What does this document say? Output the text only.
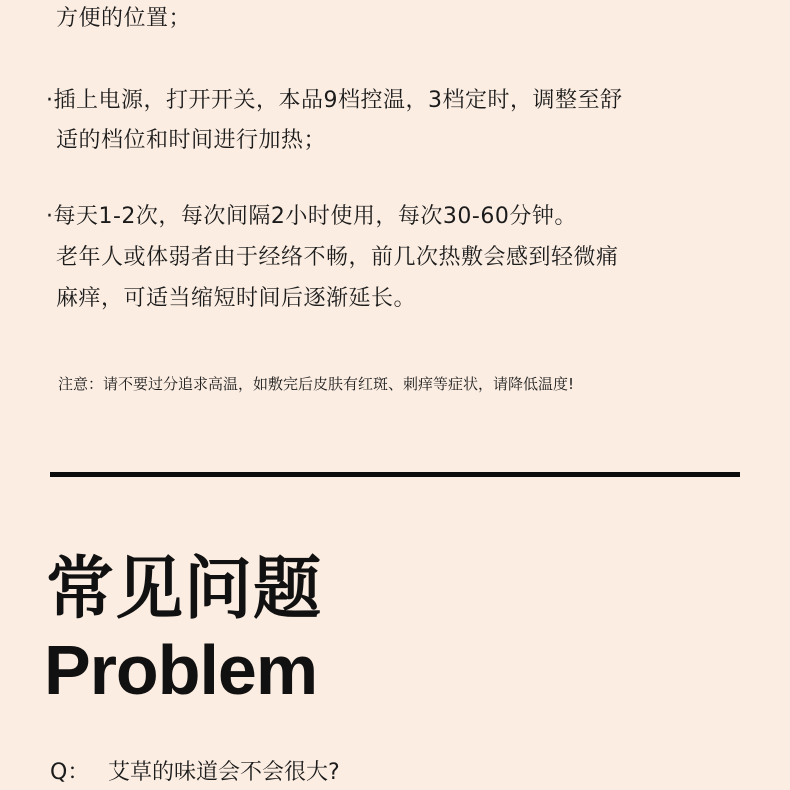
方便的位置；
·插上电源，打开开关，本品9档控温，3档定时，调整至舒
适的档位和时间进行加热；
·每天1-2次，每次间隔2小时使用，每次30-60分钟。
老年人或体弱者由于经络不畅，前几次热敷会感到轻微痛
麻痒，可适当缩短时间后逐渐延长。
注意：请不要过分追求高温，如敷完后皮肤有红斑、刺痒等症状，请降低温度!
常见问题
Problem
Q： 艾草的味道会不会很大?
